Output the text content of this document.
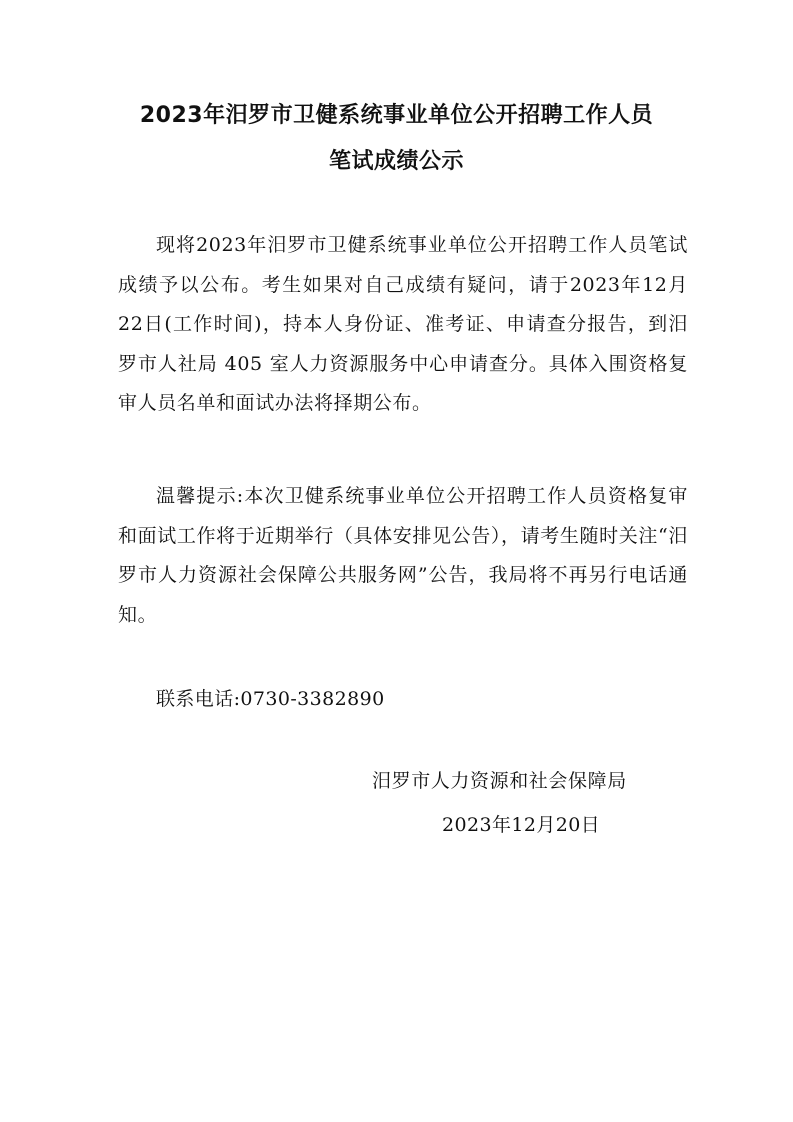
2023年汨罗市卫健系统事业单位公开招聘工作人员
笔试成绩公示
现将2023年汨罗市卫健系统事业单位公开招聘工作人员笔试成绩予以公布。考生如果对自己成绩有疑问，请于2023年12月22日(工作时间)，持本人身份证、准考证、申请查分报告，到汨罗市人社局 405 室人力资源服务中心申请查分。具体入围资格复审人员名单和面试办法将择期公布。
温馨提示:本次卫健系统事业单位公开招聘工作人员资格复审和面试工作将于近期举行（具体安排见公告），请考生随时关注“汨罗市人力资源社会保障公共服务网”公告，我局将不再另行电话通知。
联系电话:0730-3382890
汨罗市人力资源和社会保障局
2023年12月20日
